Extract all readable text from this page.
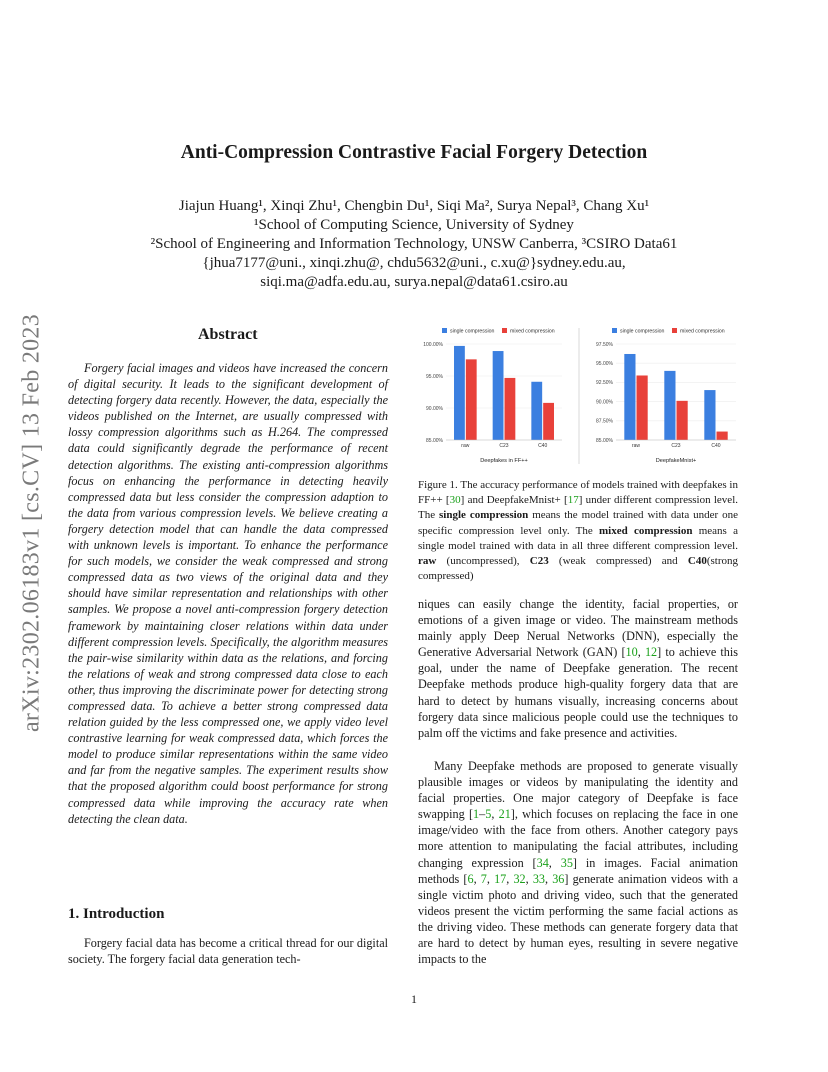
arXiv:2302.06183v1 [cs.CV] 13 Feb 2023
Anti-Compression Contrastive Facial Forgery Detection
Jiajun Huang¹, Xinqi Zhu¹, Chengbin Du¹, Siqi Ma², Surya Nepal³, Chang Xu¹
¹School of Computing Science, University of Sydney
²School of Engineering and Information Technology, UNSW Canberra, ³CSIRO Data61
{jhua7177@uni., xinqi.zhu@, chdu5632@uni., c.xu@}sydney.edu.au,
siqi.ma@adfa.edu.au, surya.nepal@data61.csiro.au
Abstract
Forgery facial images and videos have increased the concern of digital security. It leads to the significant development of detecting forgery data recently. However, the data, especially the videos published on the Internet, are usually compressed with lossy compression algorithms such as H.264. The compressed data could significantly degrade the performance of recent detection algorithms. The existing anti-compression algorithms focus on enhancing the performance in detecting heavily compressed data but less consider the compression adaption to the data from various compression levels. We believe creating a forgery detection model that can handle the data compressed with unknown levels is important. To enhance the performance for such models, we consider the weak compressed and strong compressed data as two views of the original data and they should have similar representation and relationships with other samples. We propose a novel anti-compression forgery detection framework by maintaining closer relations within data under different compression levels. Specifically, the algorithm measures the pair-wise similarity within data as the relations, and forcing the relations of weak and strong compressed data close to each other, thus improving the discriminate power for detecting strong compressed data. To achieve a better strong compressed data relation guided by the less compressed one, we apply video level contrastive learning for weak compressed data, which forces the model to produce similar representations within the same video and far from the negative samples. The experiment results show that the proposed algorithm could boost performance for strong compressed data while improving the accuracy rate when detecting the clean data.
1. Introduction
Forgery facial data has become a critical thread for our digital society. The forgery facial data generation tech-
85.00%
90.00%
95.00%
100.00%
single compression	mixed compression
raw	C23	C40
Deepfakes in FF++
85.00%
87.50%
90.00%
92.50%
95.00%
97.50%
single compression	mixed compression
raw	C23	C40
DeepfakeMnist+
Figure 1. The accuracy performance of models trained with deepfakes in FF++ [30] and DeepfakeMnist+ [17] under different compression level. The single compression means the model trained with data under one specific compression level only. The mixed compression means a single model trained with data in all three different compression level. raw (uncompressed), C23 (weak compressed) and C40(strong compressed)
niques can easily change the identity, facial properties, or emotions of a given image or video. The mainstream methods mainly apply Deep Nerual Networks (DNN), especially the Generative Adversarial Network (GAN) [10, 12] to achieve this goal, under the name of Deepfake generation. The recent Deepfake methods produce high-quality forgery data that are hard to detect by humans visually, increasing concerns about forgery data since malicious people could use the techniques to palm off the victims and fake presence and activities.
Many Deepfake methods are proposed to generate visually plausible images or videos by manipulating the identity and facial properties. One major category of Deepfake is face swapping [1–5, 21], which focuses on replacing the face in one image/video with the face from others. Another category pays more attention to manipulating the facial attributes, including changing expression [34, 35] in images. Facial animation methods [6, 7, 17, 32, 33, 36] generate animation videos with a single victim photo and driving video, such that the generated videos present the victim performing the same facial actions as the driving video. These methods can generate forgery data that are hard to detect by human eyes, resulting in severe negative impacts to the
1
